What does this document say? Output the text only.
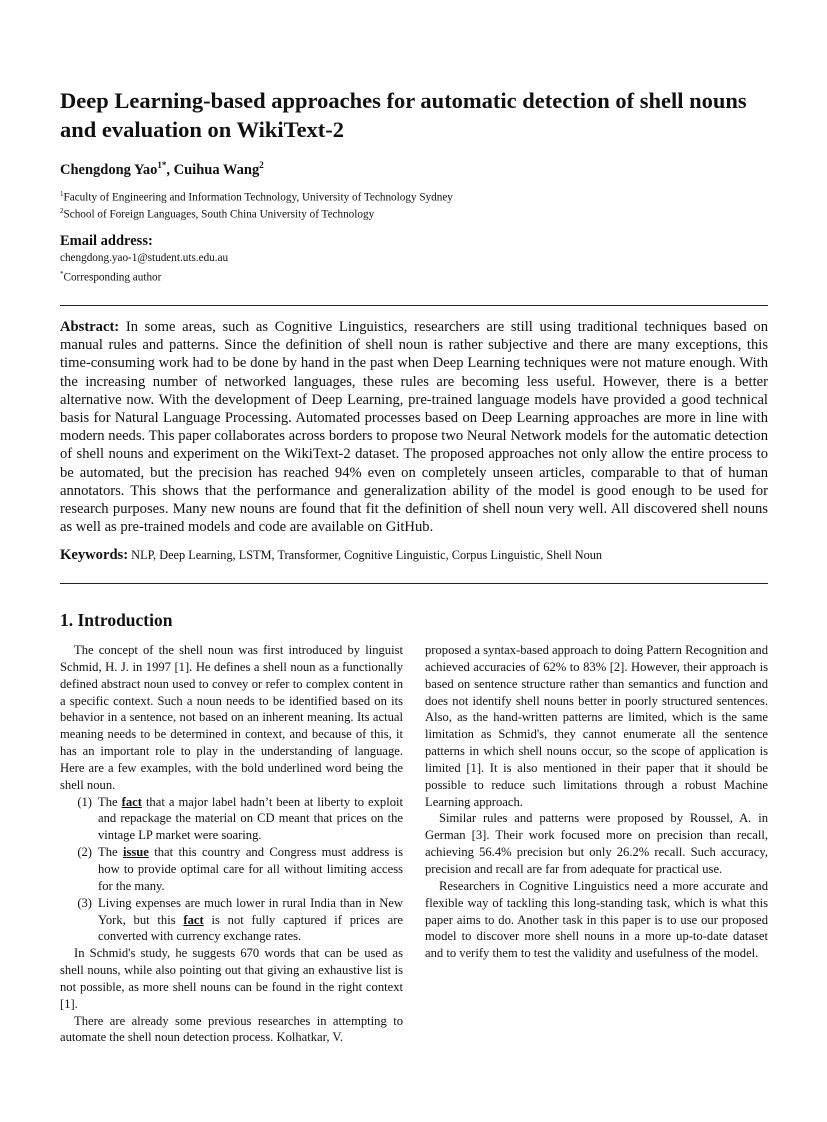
Deep Learning-based approaches for automatic detection of shell nouns and evaluation on WikiText-2
Chengdong Yao$^{1*}$, Cuihua Wang$^2$
$^1$Faculty of Engineering and Information Technology, University of Technology Sydney
$^2$School of Foreign Languages, South China University of Technology
Email address:
chengdong.yao-1@student.uts.edu.au
*Corresponding author

Abstract: In some areas, such as Cognitive Linguistics, researchers are still using traditional techniques based on manual rules and patterns. Since the definition of shell noun is rather subjective and there are many exceptions, this time-consuming work had to be done by hand in the past when Deep Learning techniques were not mature enough. With the increasing number of networked languages, these rules are becoming less useful. However, there is a better alternative now. With the development of Deep Learning, pre-trained language models have provided a good technical basis for Natural Language Processing. Automated processes based on Deep Learning approaches are more in line with modern needs. This paper collaborates across borders to propose two Neural Network models for the automatic detection of shell nouns and experiment on the WikiText-2 dataset. The proposed approaches not only allow the entire process to be automated, but the precision has reached 94% even on completely unseen articles, comparable to that of human annotators. This shows that the performance and generalization ability of the model is good enough to be used for research purposes. Many new nouns are found that fit the definition of shell noun very well. All discovered shell nouns as well as pre-trained models and code are available on GitHub.

Keywords: NLP, Deep Learning, LSTM, Transformer, Cognitive Linguistic, Corpus Linguistic, Shell Noun
1. Introduction

The concept of the shell noun was first introduced by linguist Schmid, H. J. in 1997 [1]. He defines a shell noun as a functionally defined abstract noun used to convey or refer to complex content in a specific context. Such a noun needs to be identified based on its behavior in a sentence, not based on an inherent meaning. Its actual meaning needs to be determined in context, and because of this, it has an important role to play in the understanding of language. Here are a few examples, with the bold underlined word being the shell noun.

(1) The fact that a major label hadn’t been at liberty to exploit and repackage the material on CD meant that prices on the vintage LP market were soaring.
(2) The issue that this country and Congress must address is how to provide optimal care for all without limiting access for the many.
(3) Living expenses are much lower in rural India than in New York, but this fact is not fully captured if prices are converted with currency exchange rates.

In Schmid's study, he suggests 670 words that can be used as shell nouns, while also pointing out that giving an exhaustive list is not possible, as more shell nouns can be found in the right context [1].

There are already some previous researches in attempting to automate the shell noun detection process. Kolhatkar, V.

proposed a syntax-based approach to doing Pattern Recognition and achieved accuracies of 62% to 83% [2]. However, their approach is based on sentence structure rather than semantics and function and does not identify shell nouns better in poorly structured sentences. Also, as the hand-written patterns are limited, which is the same limitation as Schmid's, they cannot enumerate all the sentence patterns in which shell nouns occur, so the scope of application is limited [1]. It is also mentioned in their paper that it should be possible to reduce such limitations through a robust Machine Learning approach.

Similar rules and patterns were proposed by Roussel, A. in German [3]. Their work focused more on precision than recall, achieving 56.4% precision but only 26.2% recall. Such accuracy, precision and recall are far from adequate for practical use.

Researchers in Cognitive Linguistics need a more accurate and flexible way of tackling this long-standing task, which is what this paper aims to do. Another task in this paper is to use our proposed model to discover more shell nouns in a more up-to-date dataset and to verify them to test the validity and usefulness of the model.
